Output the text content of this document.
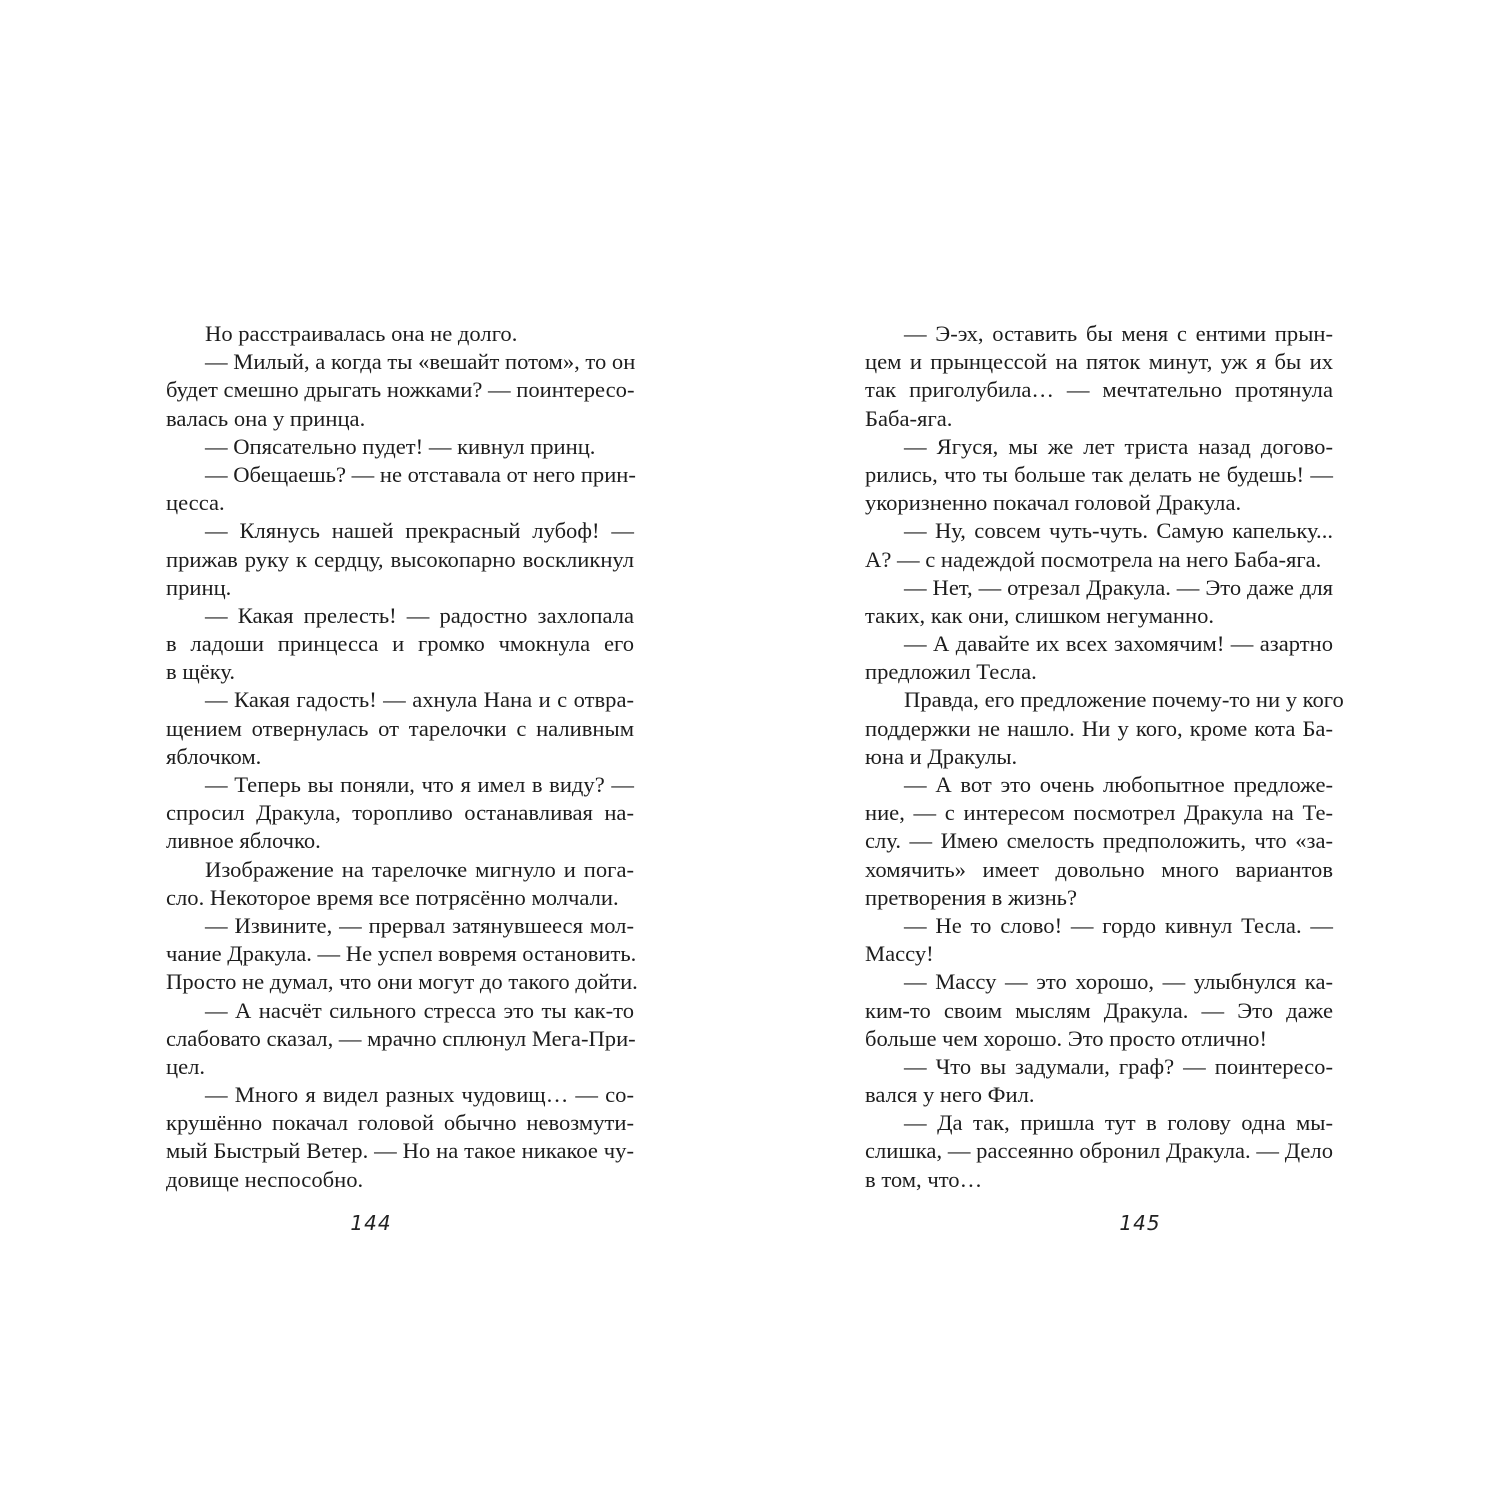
Но расстраивалась она не долго.
— Милый, а когда ты «вешайт потом», то он
будет смешно дрыгать ножками? — поинтересо-
валась она у принца.
— Опясательно пудет! — кивнул принц.
— Обещаешь? — не отставала от него прин-
цесса.
— Клянусь нашей прекрасный лубоф! —
прижав руку к сердцу, высокопарно воскликнул
принц.
— Какая прелесть! — радостно захлопала
в ладоши принцесса и громко чмокнула его
в щёку.
— Какая гадость! — ахнула Нана и с отвра-
щением отвернулась от тарелочки с наливным
яблочком.
— Теперь вы поняли, что я имел в виду? —
спросил Дракула, торопливо останавливая на-
ливное яблочко.
Изображение на тарелочке мигнуло и пога-
сло. Некоторое время все потрясённо молчали.
— Извините, — прервал затянувшееся мол-
чание Дракула. — Не успел вовремя остановить.
Просто не думал, что они могут до такого дойти.
— А насчёт сильного стресса это ты как-то
слабовато сказал, — мрачно сплюнул Мега-При-
цел.
— Много я видел разных чудовищ… — со-
крушённо покачал головой обычно невозмути-
мый Быстрый Ветер. — Но на такое никакое чу-
довище неспособно.
— Э-эх, оставить бы меня с ентими прын-
цем и прынцессой на пяток минут, уж я бы их
так приголубила… — мечтательно протянула
Баба-яга.
— Ягуся, мы же лет триста назад догово-
рились, что ты больше так делать не будешь! —
укоризненно покачал головой Дракула.
— Ну, совсем чуть-чуть. Самую капельку...
А? — с надеждой посмотрела на него Баба-яга.
— Нет, — отрезал Дракула. — Это даже для
таких, как они, слишком негуманно.
— А давайте их всех захомячим! — азартно
предложил Тесла.
Правда, его предложение почему-то ни у кого
поддержки не нашло. Ни у кого, кроме кота Ба-
юна и Дракулы.
— А вот это очень любопытное предложе-
ние, — с интересом посмотрел Дракула на Те-
слу. — Имею смелость предположить, что «за-
хомячить» имеет довольно много вариантов
претворения в жизнь?
— Не то слово! — гордо кивнул Тесла. —
Массу!
— Массу — это хорошо, — улыбнулся ка-
ким-то своим мыслям Дракула. — Это даже
больше чем хорошо. Это просто отлично!
— Что вы задумали, граф? — поинтересо-
вался у него Фил.
— Да так, пришла тут в голову одна мы-
слишка, — рассеянно обронил Дракула. — Дело
в том, что…
144	145
